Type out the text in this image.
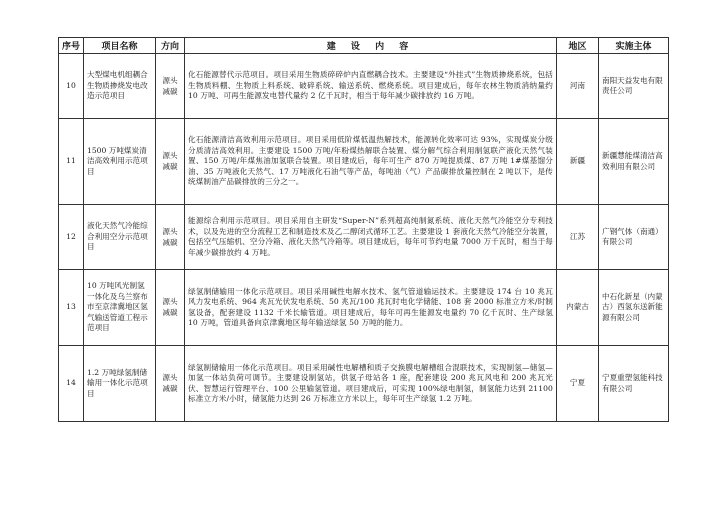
序号	项目名称	方向	建 设 内 容	地区	实施主体
10	大型煤电机组耦合生物质掺烧发电改造示范项目	源头减碳	化石能源替代示范项目。项目采用生物质碎碎炉内直燃耦合技术。主要建设“外挂式”生物质掺烧系统，包括生物质料棚、生物质上料系统、破碎系统、输送系统、燃烧系统。项目建成后，每年农林生物质消纳量约 10 万吨、可再生能源发电替代量约 2 亿千瓦时，相当于每年减少碳排放约 16 万吨。	河南	南阳天益发电有限责任公司
11	1500 万吨煤炭清洁高效利用示范项目	源头减碳	化石能源清洁高效利用示范项目。项目采用低阶煤低温热解技术，能源转化效率可达 93%，实现煤炭分级分质清洁高效利用。主要建设 1500 万吨/年粉煤热解联合装置、煤分解气综合利用制氢联产液化天然气装置、150 万吨/年煤焦油加氢联合装置。项目建成后，每年可生产 870 万吨提质煤、87 万吨 1#煤基馏分油、35 万吨液化天然气、17 万吨液化石油气等产品，每吨油（气）产品碳排放量控制在 2 吨以下，是传统煤制油产品碳排放的三分之一。	新疆	新疆慧能煤清洁高效利用有限公司
12	液化天然气冷能综合利用空分示范项目	源头减碳	能源综合利用示范项目。项目采用自主研发“Super-N”系列超高纯制氮系统、液化天然气冷能空分专利技术，以及先进的空分流程工艺和制造技术及乙二醇闭式循环工艺。主要建设 1 套液化天然气冷能空分装置，包括空气压缩机、空分冷箱、液化天然气冷箱等。项目建成后，每年可节约电量 7000 万千瓦时，相当于每年减少碳排放约 4 万吨。	江苏	广钢气体（南通）有限公司
13	10 万吨风光制氢一体化及乌兰察布市至京津冀地区氢气输送管道工程示范项目	源头减碳	绿氢制储输用一体化示范项目。项目采用碱性电解水技术、氢气管道输运技术。主要建设 174 台 10 兆瓦风力发电系统、964 兆瓦光伏发电系统、50 兆瓦/100 兆瓦时电化学储能、108 套 2000 标准立方米/时制氢设备，配套建设 1132 千米长输管道。项目建成后，每年可再生能源发电量约 70 亿千瓦时、生产绿氢 10 万吨，管道具备向京津冀地区每年输送绿氢 50 万吨的能力。	内蒙古	中石化新星（内蒙古）西氢东送新能源有限公司
14	1.2 万吨绿氢制储输用一体化示范项目	源头减碳	绿氢制储输用一体化示范项目。项目采用碱性电解槽和质子交换膜电解槽组合混联技术，实现制氢—储氢—加氢一体站负荷可调节。主要建设制氢站，供氢子母站各 1 座，配套建设 200 兆瓦风电和 200 兆瓦光伏、智慧运行管理平台、100 公里输氢管道。项目建成后，可实现 100%绿电制氢，制氢能力达到 21100 标准立方米/小时，储氢能力达到 26 万标准立方米以上，每年可生产绿氢 1.2 万吨。	宁夏	宁夏重塑氢能科技有限公司
